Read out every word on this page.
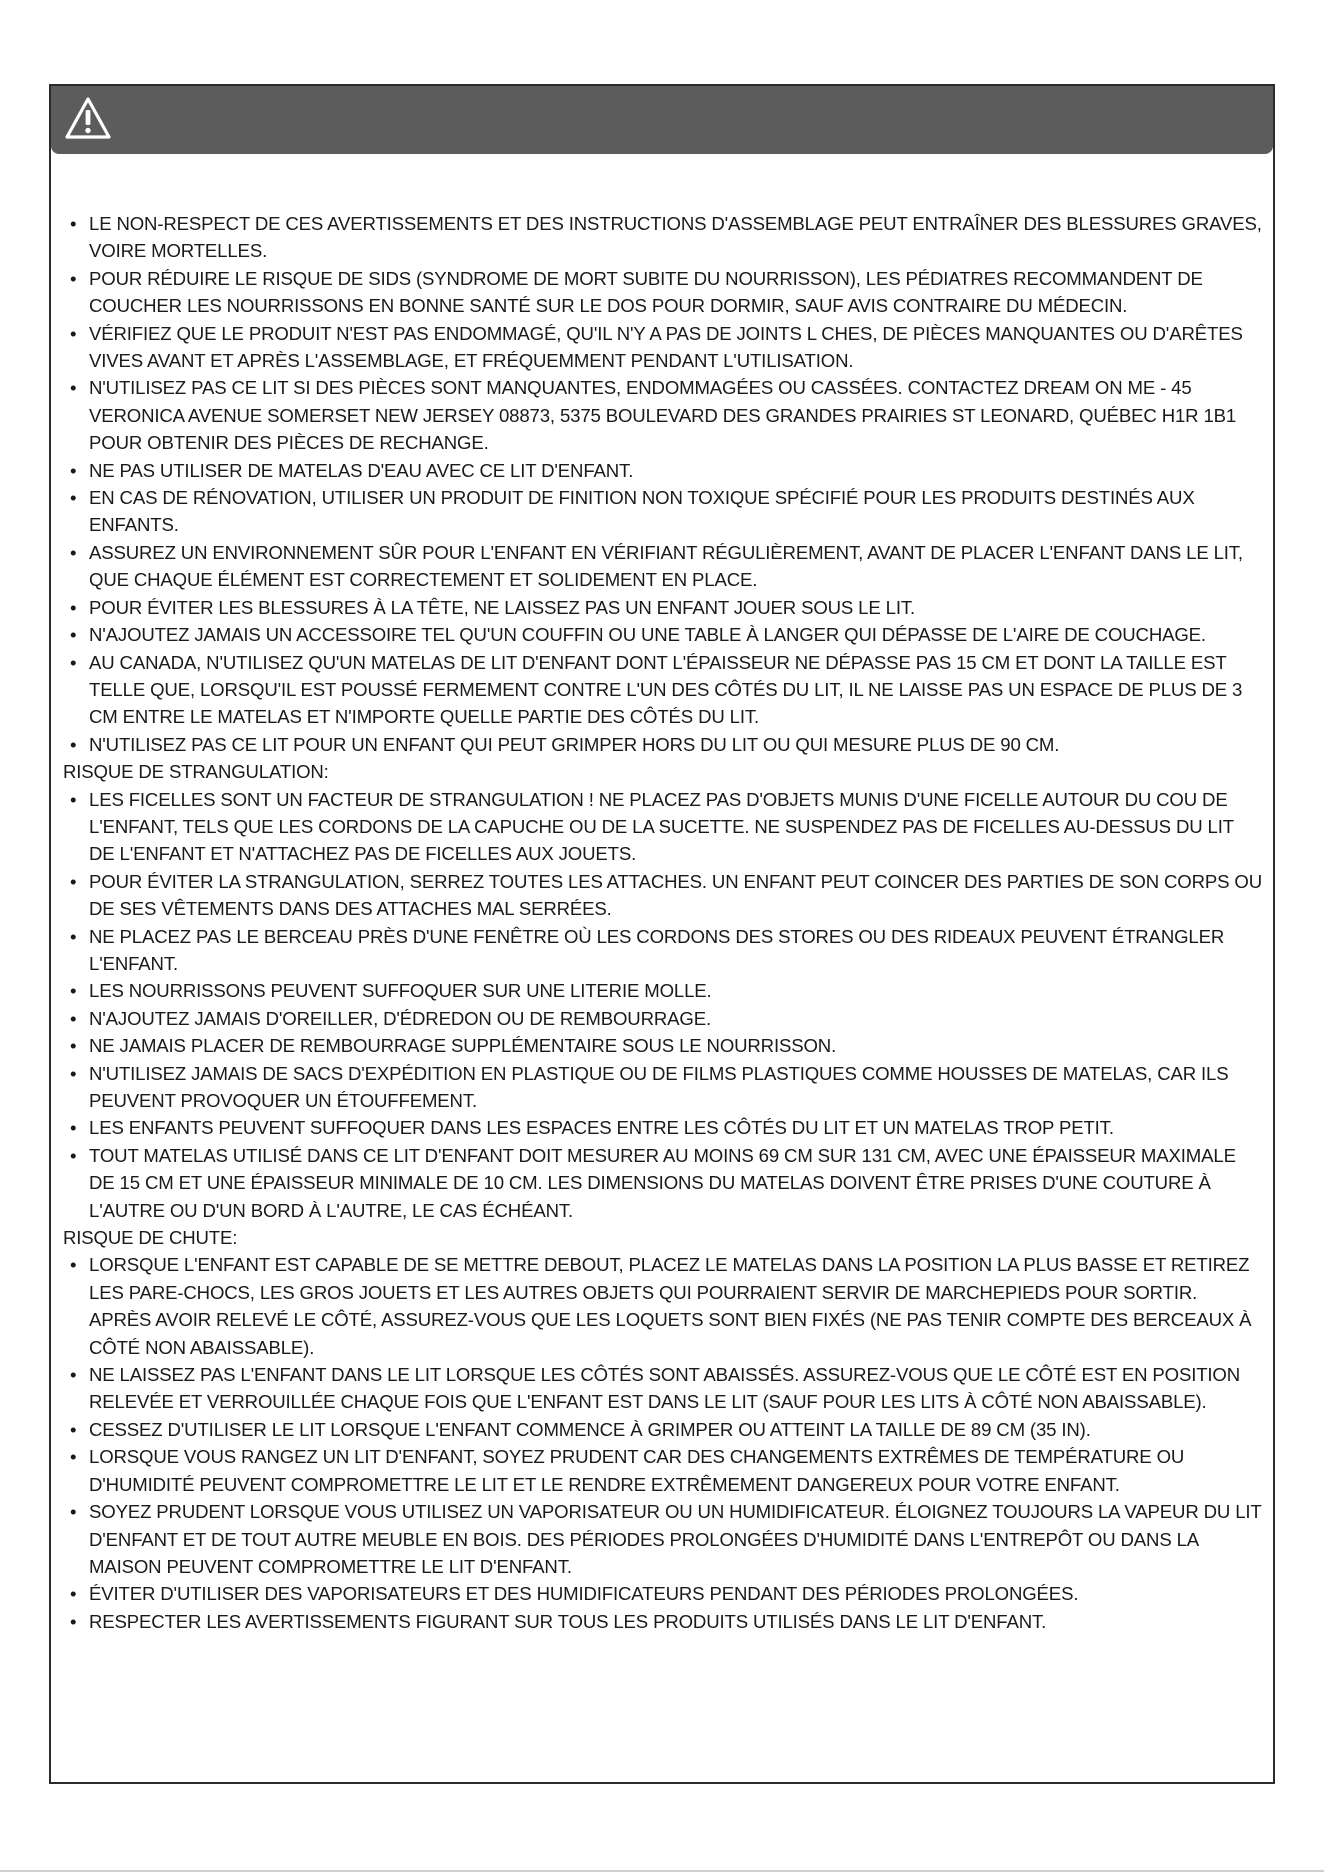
• LE NON-RESPECT DE CES AVERTISSEMENTS ET DES INSTRUCTIONS D'ASSEMBLAGE PEUT ENTRAÎNER DES BLESSURES GRAVES, VOIRE MORTELLES.

• POUR RÉDUIRE LE RISQUE DE SIDS (SYNDROME DE MORT SUBITE DU NOURRISSON), LES PÉDIATRES RECOMMANDENT DE COUCHER LES NOURRISSONS EN BONNE SANTÉ SUR LE DOS POUR DORMIR, SAUF AVIS CONTRAIRE DU MÉDECIN.

• VÉRIFIEZ QUE LE PRODUIT N'EST PAS ENDOMMAGÉ, QU'IL N'Y A PAS DE JOINTS L CHES, DE PIÈCES MANQUANTES OU D'ARÊTES VIVES AVANT ET APRÈS L'ASSEMBLAGE, ET FRÉQUEMMENT PENDANT L'UTILISATION.

• N'UTILISEZ PAS CE LIT SI DES PIÈCES SONT MANQUANTES, ENDOMMAGÉES OU CASSÉES. CONTACTEZ DREAM ON ME - 45 VERONICA AVENUE SOMERSET NEW JERSEY 08873, 5375 BOULEVARD DES GRANDES PRAIRIES ST LEONARD, QUÉBEC H1R 1B1 POUR OBTENIR DES PIÈCES DE RECHANGE.

• NE PAS UTILISER DE MATELAS D'EAU AVEC CE LIT D'ENFANT.

• EN CAS DE RÉNOVATION, UTILISER UN PRODUIT DE FINITION NON TOXIQUE SPÉCIFIÉ POUR LES PRODUITS DESTINÉS AUX ENFANTS.

• ASSUREZ UN ENVIRONNEMENT SÛR POUR L'ENFANT EN VÉRIFIANT RÉGULIÈREMENT, AVANT DE PLACER L'ENFANT DANS LE LIT, QUE CHAQUE ÉLÉMENT EST CORRECTEMENT ET SOLIDEMENT EN PLACE.

• POUR ÉVITER LES BLESSURES À LA TÊTE, NE LAISSEZ PAS UN ENFANT JOUER SOUS LE LIT.

• N'AJOUTEZ JAMAIS UN ACCESSOIRE TEL QU'UN COUFFIN OU UNE TABLE À LANGER QUI DÉPASSE DE L'AIRE DE COUCHAGE.

• AU CANADA, N'UTILISEZ QU'UN MATELAS DE LIT D'ENFANT DONT L'ÉPAISSEUR NE DÉPASSE PAS 15 CM ET DONT LA TAILLE EST TELLE QUE, LORSQU'IL EST POUSSÉ FERMEMENT CONTRE L'UN DES CÔTÉS DU LIT, IL NE LAISSE PAS UN ESPACE DE PLUS DE 3 CM ENTRE LE MATELAS ET N'IMPORTE QUELLE PARTIE DES CÔTÉS DU LIT.

• N'UTILISEZ PAS CE LIT POUR UN ENFANT QUI PEUT GRIMPER HORS DU LIT OU QUI MESURE PLUS DE 90 CM.

RISQUE DE STRANGULATION:

• LES FICELLES SONT UN FACTEUR DE STRANGULATION ! NE PLACEZ PAS D'OBJETS MUNIS D'UNE FICELLE AUTOUR DU COU DE L'ENFANT, TELS QUE LES CORDONS DE LA CAPUCHE OU DE LA SUCETTE. NE SUSPENDEZ PAS DE FICELLES AU-DESSUS DU LIT DE L'ENFANT ET N'ATTACHEZ PAS DE FICELLES AUX JOUETS.

• POUR ÉVITER LA STRANGULATION, SERREZ TOUTES LES ATTACHES. UN ENFANT PEUT COINCER DES PARTIES DE SON CORPS OU DE SES VÊTEMENTS DANS DES ATTACHES MAL SERRÉES.

• NE PLACEZ PAS LE BERCEAU PRÈS D'UNE FENÊTRE OÙ LES CORDONS DES STORES OU DES RIDEAUX PEUVENT ÉTRANGLER L'ENFANT.

• LES NOURRISSONS PEUVENT SUFFOQUER SUR UNE LITERIE MOLLE.

• N'AJOUTEZ JAMAIS D'OREILLER, D'ÉDREDON OU DE REMBOURRAGE.

• NE JAMAIS PLACER DE REMBOURRAGE SUPPLÉMENTAIRE SOUS LE NOURRISSON.

• N'UTILISEZ JAMAIS DE SACS D'EXPÉDITION EN PLASTIQUE OU DE FILMS PLASTIQUES COMME HOUSSES DE MATELAS, CAR ILS PEUVENT PROVOQUER UN ÉTOUFFEMENT.

• LES ENFANTS PEUVENT SUFFOQUER DANS LES ESPACES ENTRE LES CÔTÉS DU LIT ET UN MATELAS TROP PETIT.

• TOUT MATELAS UTILISÉ DANS CE LIT D'ENFANT DOIT MESURER AU MOINS 69 CM SUR 131 CM, AVEC UNE ÉPAISSEUR MAXIMALE DE 15 CM ET UNE ÉPAISSEUR MINIMALE DE 10 CM. LES DIMENSIONS DU MATELAS DOIVENT ÊTRE PRISES D'UNE COUTURE À L'AUTRE OU D'UN BORD À L'AUTRE, LE CAS ÉCHÉANT.

RISQUE DE CHUTE:

• LORSQUE L'ENFANT EST CAPABLE DE SE METTRE DEBOUT, PLACEZ LE MATELAS DANS LA POSITION LA PLUS BASSE ET RETIREZ LES PARE-CHOCS, LES GROS JOUETS ET LES AUTRES OBJETS QUI POURRAIENT SERVIR DE MARCHEPIEDS POUR SORTIR. APRÈS AVOIR RELEVÉ LE CÔTÉ, ASSUREZ-VOUS QUE LES LOQUETS SONT BIEN FIXÉS (NE PAS TENIR COMPTE DES BERCEAUX À CÔTÉ NON ABAISSABLE).

• NE LAISSEZ PAS L'ENFANT DANS LE LIT LORSQUE LES CÔTÉS SONT ABAISSÉS. ASSUREZ-VOUS QUE LE CÔTÉ EST EN POSITION RELEVÉE ET VERROUILLÉE CHAQUE FOIS QUE L'ENFANT EST DANS LE LIT (SAUF POUR LES LITS À CÔTÉ NON ABAISSABLE).

• CESSEZ D'UTILISER LE LIT LORSQUE L'ENFANT COMMENCE À GRIMPER OU ATTEINT LA TAILLE DE 89 CM (35 IN).

• LORSQUE VOUS RANGEZ UN LIT D'ENFANT, SOYEZ PRUDENT CAR DES CHANGEMENTS EXTRÊMES DE TEMPÉRATURE OU D'HUMIDITÉ PEUVENT COMPROMETTRE LE LIT ET LE RENDRE EXTRÊMEMENT DANGEREUX POUR VOTRE ENFANT.

• SOYEZ PRUDENT LORSQUE VOUS UTILISEZ UN VAPORISATEUR OU UN HUMIDIFICATEUR. ÉLOIGNEZ TOUJOURS LA VAPEUR DU LIT D'ENFANT ET DE TOUT AUTRE MEUBLE EN BOIS. DES PÉRIODES PROLONGÉES D'HUMIDITÉ DANS L'ENTREPÔT OU DANS LA MAISON PEUVENT COMPROMETTRE LE LIT D'ENFANT.

• ÉVITER D'UTILISER DES VAPORISATEURS ET DES HUMIDIFICATEURS PENDANT DES PÉRIODES PROLONGÉES.

• RESPECTER LES AVERTISSEMENTS FIGURANT SUR TOUS LES PRODUITS UTILISÉS DANS LE LIT D'ENFANT.
